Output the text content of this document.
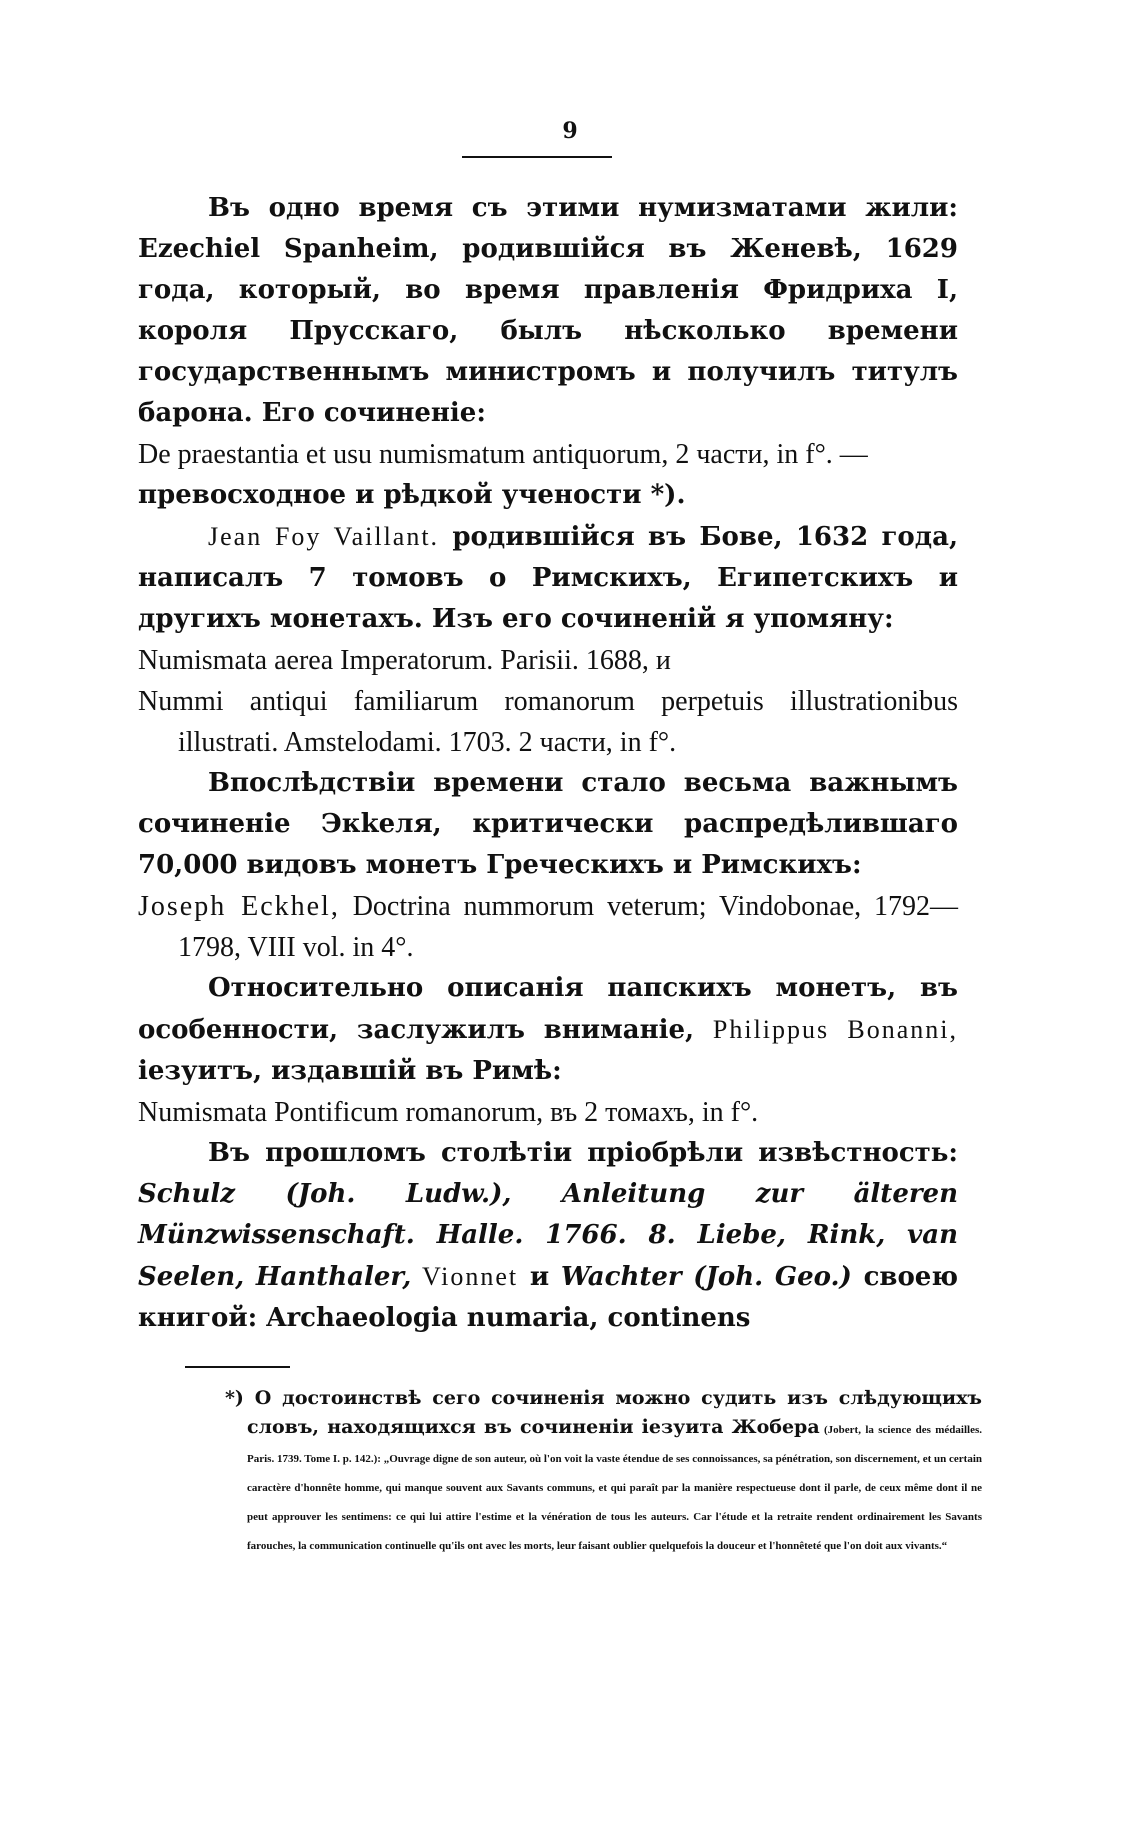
9

Въ одно время съ этими нумизматами жили: Ezechiel Spanheim, родившійся въ Женевѣ, 1629 года, который, во время правленія Фридриха I, короля Прусскаго, былъ нѣсколько времени государственнымъ министромъ и получилъ титулъ барона. Его сочиненіе:

De praestantia et usu numismatum antiquorum, 2 части, in f°. —

превосходное и рѣдкой учености *).

Jean Foy Vaillant. родившійся въ Бове, 1632 года, написалъ 7 томовъ о Римскихъ, Египетскихъ и другихъ монетахъ. Изъ его сочиненій я упомяну:

Numismata aerea Imperatorum. Parisii. 1688, и

Nummi antiqui familiarum romanorum perpetuis illustrationibus illustrati. Amstelodami. 1703. 2 части, in f°.

Впослѣдствіи времени стало весьма важнымъ сочиненіе Экkeля, критически распредѣлившаго 70,000 видовъ монетъ Греческихъ и Римскихъ:

Joseph Eckhel, Doctrina nummorum veterum; Vindobonae, 1792—1798, VIII vol. in 4°.

Относительно описанія папскихъ монетъ, въ особенности, заслужилъ вниманіе, Philippus Bonanni, іезуитъ, издавшій въ Римѣ:

Numismata Pontificum romanorum, въ 2 томахъ, in f°.

Въ прошломъ столѣтіи пріобрѣли извѣстность: Schulz (Joh. Ludw.), Anleitung zur älteren Münzwissenschaft. Halle. 1766. 8. Liebe, Rink, van Seelen, Hanthaler, Vionnet и Wachter (Joh. Geo.) своею книгой: Archaeologia numaria, continens

*) О достоинствѣ сего сочиненія можно судить изъ слѣдующихъ словъ, находящихся въ сочиненіи іезуита Жобера (Jobert, la science des médailles. Paris. 1739. Tome I. p. 142.): „Ouvrage digne de son auteur, où l'on voit la vaste étendue de ses connoissances, sa pénétration, son discernement, et un certain caractère d'honnête homme, qui manque souvent aux Savants communs, et qui paraît par la manière respectueuse dont il parle, de ceux même dont il ne peut approuver les sentimens: ce qui lui attire l'estime et la vénération de tous les auteurs. Car l'étude et la retraite rendent ordinairement les Savants farouches, la communication continuelle qu'ils ont avec les morts, leur faisant oublier quelquefois la douceur et l'honnêteté que l'on doit aux vivants.“
